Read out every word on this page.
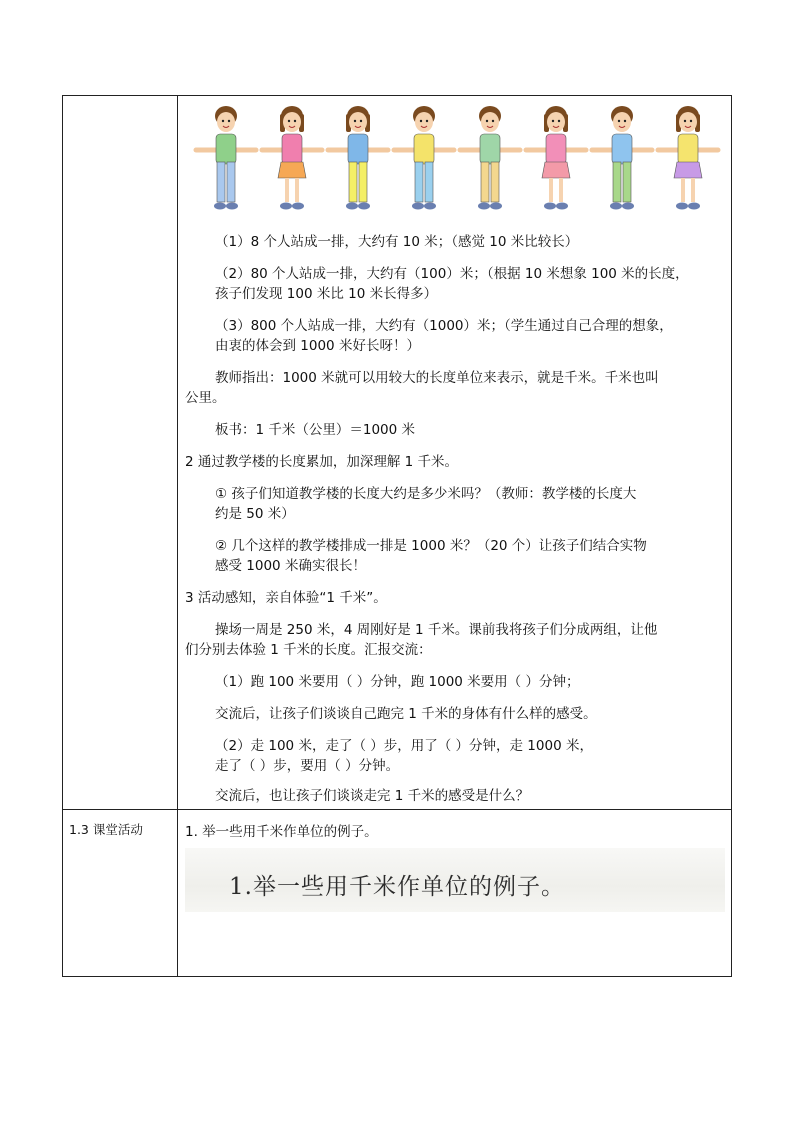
1.3 课堂活动
（1）8 个人站成一排，大约有 10 米；（感觉 10 米比较长）
（2）80 个人站成一排，大约有（100）米；（根据 10 米想象 100 米的长度，
孩子们发现 100 米比 10 米长得多）
（3）800 个人站成一排，大约有（1000）米；（学生通过自己合理的想象，
由衷的体会到 1000 米好长呀！）
教师指出：1000 米就可以用较大的长度单位来表示，就是千米。千米也叫
公里。
板书：1 千米（公里）＝1000 米
2 通过教学楼的长度累加，加深理解 1 千米。
① 孩子们知道教学楼的长度大约是多少米吗？（教师：教学楼的长度大
约是 50 米）
② 几个这样的教学楼排成一排是 1000 米？（20 个）让孩子们结合实物
感受 1000 米确实很长！
3 活动感知，亲自体验“1 千米”。
操场一周是 250 米，4 周刚好是 1 千米。课前我将孩子们分成两组，让他
们分别去体验 1 千米的长度。汇报交流：
（1）跑 100 米要用（ ）分钟，跑 1000 米要用（ ）分钟；
交流后，让孩子们谈谈自己跑完 1 千米的身体有什么样的感受。
（2）走 100 米，走了（ ）步，用了（ ）分钟，走 1000 米，
走了（ ）步，要用（ ）分钟。
交流后，也让孩子们谈谈走完 1 千米的感受是什么？
1. 举一些用千米作单位的例子。
1.举一些用千米作单位的例子。
